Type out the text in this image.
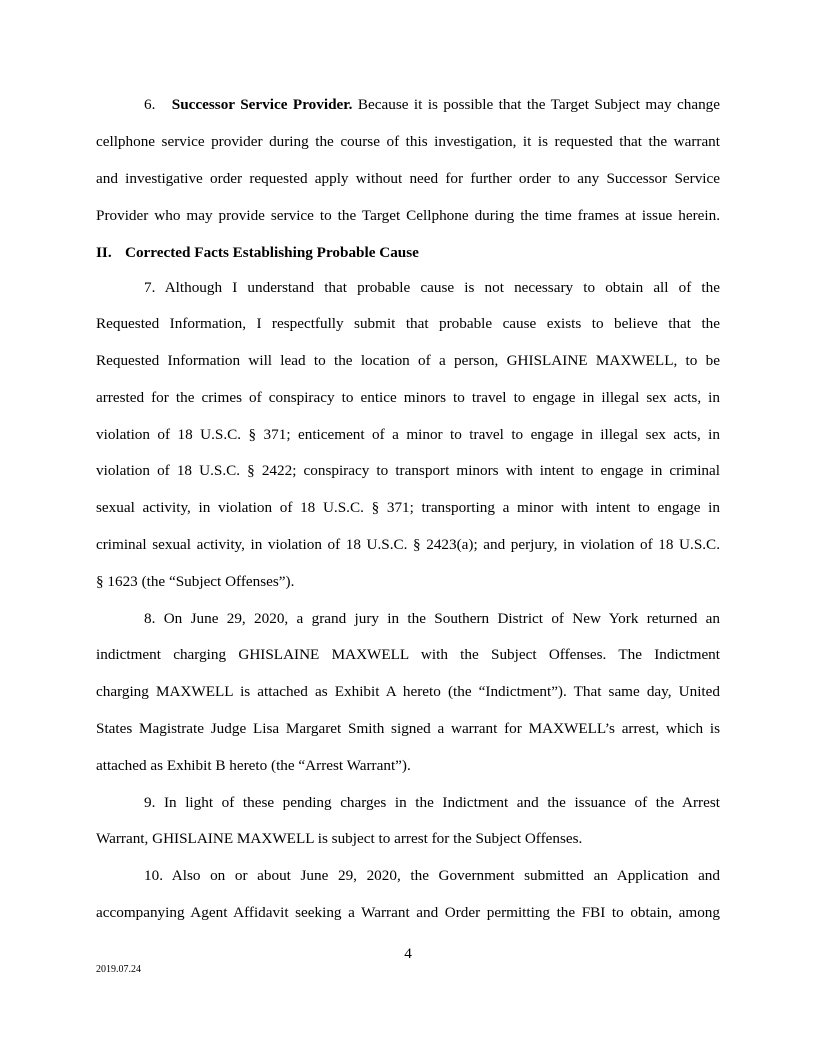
6. Successor Service Provider. Because it is possible that the Target Subject may change
cellphone service provider during the course of this investigation, it is requested that the warrant
and investigative order requested apply without need for further order to any Successor Service
Provider who may provide service to the Target Cellphone during the time frames at issue herein.
II. Corrected Facts Establishing Probable Cause
7. Although I understand that probable cause is not necessary to obtain all of the
Requested Information, I respectfully submit that probable cause exists to believe that the
Requested Information will lead to the location of a person, GHISLAINE MAXWELL, to be
arrested for the crimes of conspiracy to entice minors to travel to engage in illegal sex acts, in
violation of 18 U.S.C. § 371; enticement of a minor to travel to engage in illegal sex acts, in
violation of 18 U.S.C. § 2422; conspiracy to transport minors with intent to engage in criminal
sexual activity, in violation of 18 U.S.C. § 371; transporting a minor with intent to engage in
criminal sexual activity, in violation of 18 U.S.C. § 2423(a); and perjury, in violation of 18 U.S.C.
§ 1623 (the “Subject Offenses”).
8. On June 29, 2020, a grand jury in the Southern District of New York returned an
indictment charging GHISLAINE MAXWELL with the Subject Offenses. The Indictment
charging MAXWELL is attached as Exhibit A hereto (the “Indictment”). That same day, United
States Magistrate Judge Lisa Margaret Smith signed a warrant for MAXWELL’s arrest, which is
attached as Exhibit B hereto (the “Arrest Warrant”).
9. In light of these pending charges in the Indictment and the issuance of the Arrest
Warrant, GHISLAINE MAXWELL is subject to arrest for the Subject Offenses.
10. Also on or about June 29, 2020, the Government submitted an Application and
accompanying Agent Affidavit seeking a Warrant and Order permitting the FBI to obtain, among
4
2019.07.24
